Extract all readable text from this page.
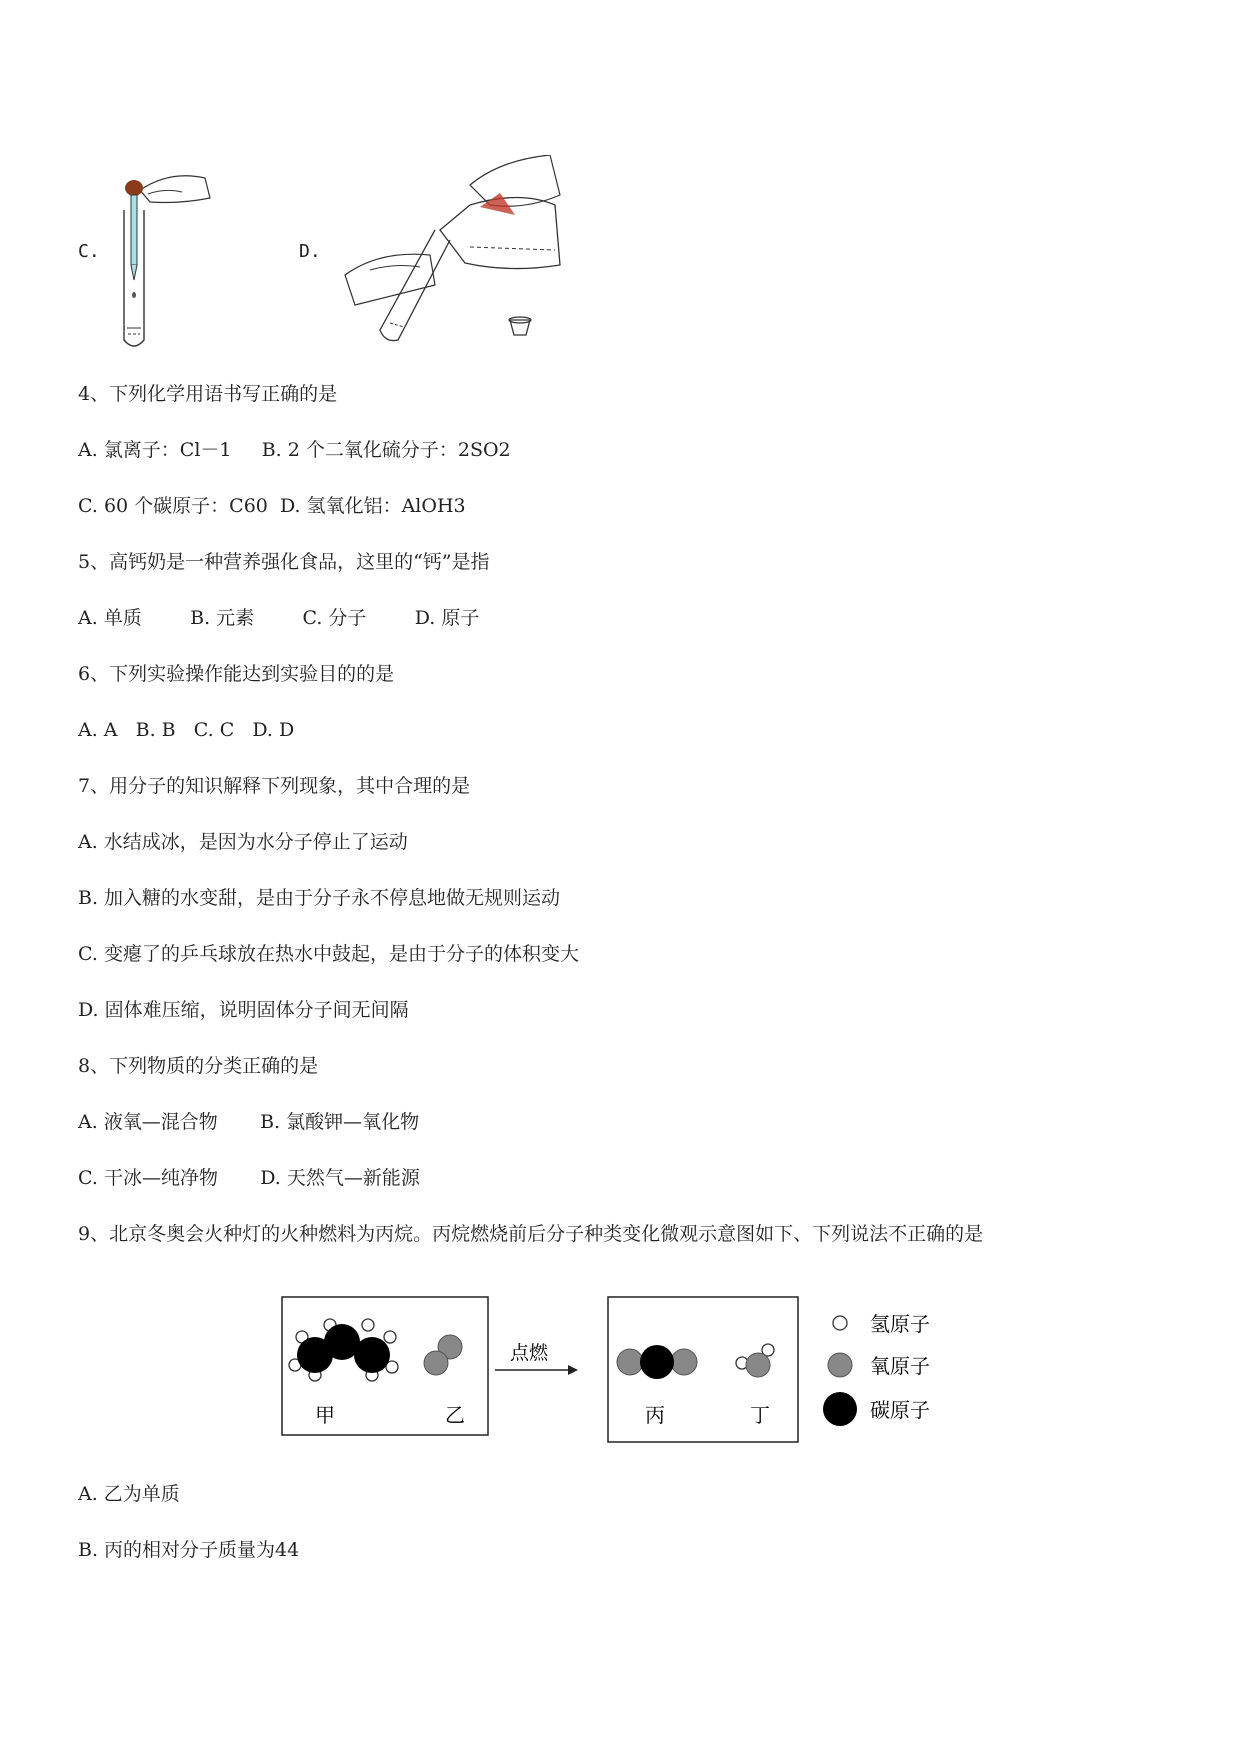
C.	D.
4、下列化学用语书写正确的是
A. 氯离子：Cl－1     B. 2 个二氧化硫分子：2SO2
C. 60 个碳原子：C60  D. 氢氧化铝：AlOH3
5、高钙奶是一种营养强化食品，这里的“钙”是指
A. 单质        B. 元素        C. 分子        D. 原子
6、下列实验操作能达到实验目的的是
A. A   B. B   C. C   D. D
7、用分子的知识解释下列现象，其中合理的是
A. 水结成冰，是因为水分子停止了运动
B. 加入糖的水变甜，是由于分子永不停息地做无规则运动
C. 变瘪了的乒乓球放在热水中鼓起，是由于分子的体积变大
D. 固体难压缩，说明固体分子间无间隔
8、下列物质的分类正确的是
A. 液氧—混合物       B. 氯酸钾—氧化物
C. 干冰—纯净物       D. 天然气—新能源
9、北京冬奥会火种灯的火种燃料为丙烷。丙烷燃烧前后分子种类变化微观示意图如下、下列说法不正确的是
甲	乙
点燃
丙	丁
氢原子
氧原子
碳原子
A. 乙为单质
B. 丙的相对分子质量为44
